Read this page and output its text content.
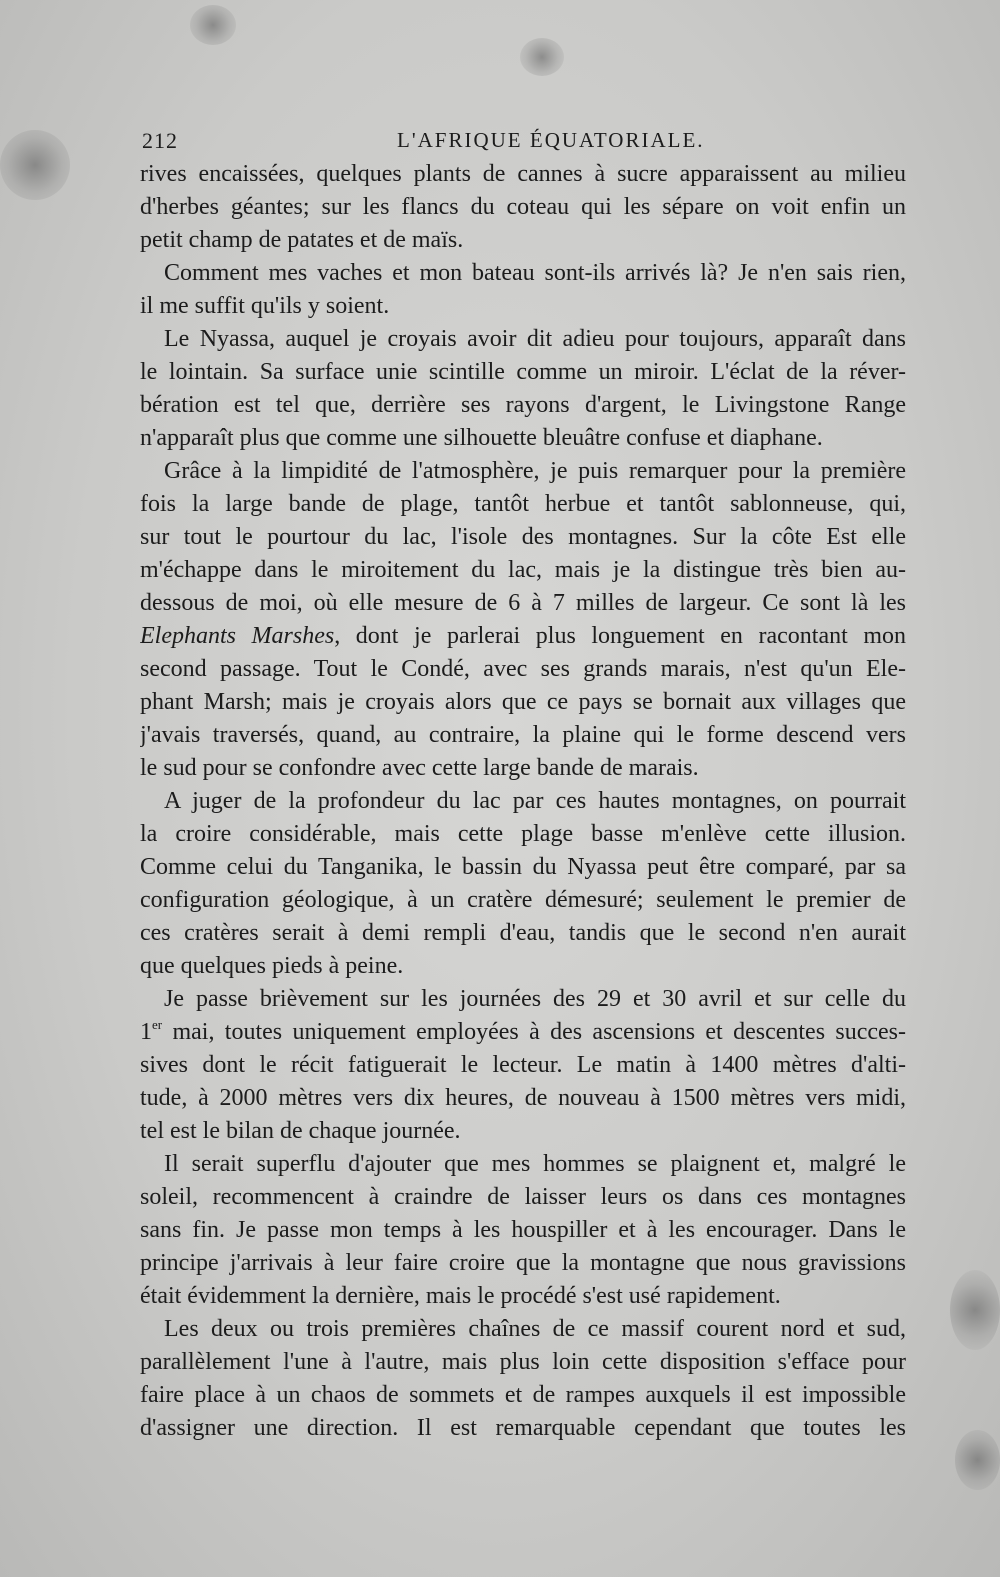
212	L'AFRIQUE ÉQUATORIALE.
rives encaissées, quelques plants de cannes à sucre apparaissent au milieu
d'herbes géantes; sur les flancs du coteau qui les sépare on voit enfin un
petit champ de patates et de maïs.
Comment mes vaches et mon bateau sont-ils arrivés là? Je n'en sais rien,
il me suffit qu'ils y soient.
Le Nyassa, auquel je croyais avoir dit adieu pour toujours, apparaît dans
le lointain. Sa surface unie scintille comme un miroir. L'éclat de la réver-
bération est tel que, derrière ses rayons d'argent, le Livingstone Range
n'apparaît plus que comme une silhouette bleuâtre confuse et diaphane.
Grâce à la limpidité de l'atmosphère, je puis remarquer pour la première
fois la large bande de plage, tantôt herbue et tantôt sablonneuse, qui,
sur tout le pourtour du lac, l'isole des montagnes. Sur la côte Est elle
m'échappe dans le miroitement du lac, mais je la distingue très bien au-
dessous de moi, où elle mesure de 6 à 7 milles de largeur. Ce sont là les
Elephants Marshes, dont je parlerai plus longuement en racontant mon
second passage. Tout le Condé, avec ses grands marais, n'est qu'un Ele-
phant Marsh; mais je croyais alors que ce pays se bornait aux villages que
j'avais traversés, quand, au contraire, la plaine qui le forme descend vers
le sud pour se confondre avec cette large bande de marais.
A juger de la profondeur du lac par ces hautes montagnes, on pourrait
la croire considérable, mais cette plage basse m'enlève cette illusion.
Comme celui du Tanganika, le bassin du Nyassa peut être comparé, par sa
configuration géologique, à un cratère démesuré; seulement le premier de
ces cratères serait à demi rempli d'eau, tandis que le second n'en aurait
que quelques pieds à peine.
Je passe brièvement sur les journées des 29 et 30 avril et sur celle du
1er mai, toutes uniquement employées à des ascensions et descentes succes-
sives dont le récit fatiguerait le lecteur. Le matin à 1400 mètres d'alti-
tude, à 2000 mètres vers dix heures, de nouveau à 1500 mètres vers midi,
tel est le bilan de chaque journée.
Il serait superflu d'ajouter que mes hommes se plaignent et, malgré le
soleil, recommencent à craindre de laisser leurs os dans ces montagnes
sans fin. Je passe mon temps à les houspiller et à les encourager. Dans le
principe j'arrivais à leur faire croire que la montagne que nous gravissions
était évidemment la dernière, mais le procédé s'est usé rapidement.
Les deux ou trois premières chaînes de ce massif courent nord et sud,
parallèlement l'une à l'autre, mais plus loin cette disposition s'efface pour
faire place à un chaos de sommets et de rampes auxquels il est impossible
d'assigner une direction. Il est remarquable cependant que toutes les
